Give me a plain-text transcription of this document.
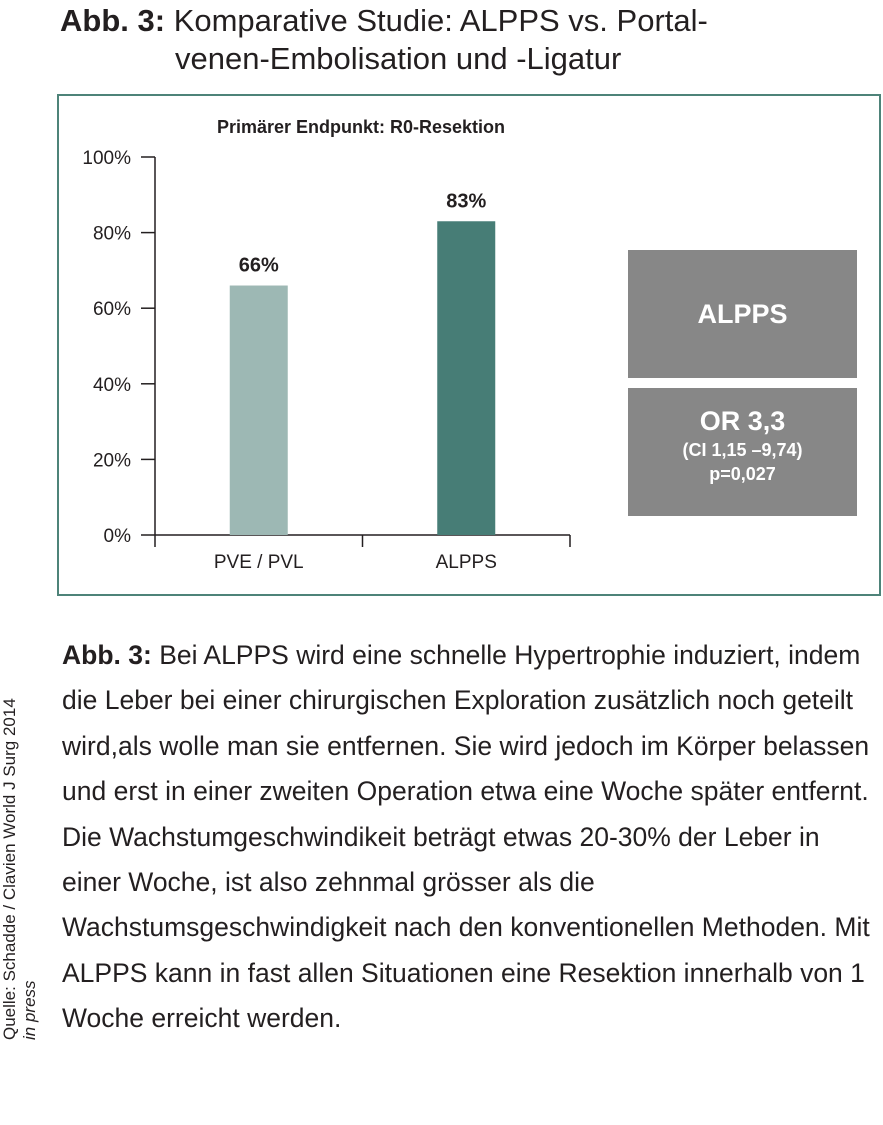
Abb. 3: Komparative Studie: ALPPS vs. Portal-
venen-Embolisation und -Ligatur
Primärer Endpunkt: R0-Resektion
0%
20%
40%
60%
80%
100%
PVE / PVL	ALPPS
66%
83%
ALPPS
OR 3,3
(CI 1,15 –9,74)
p=0,027
Quelle: Schadde / Clavien World J Surg 2014 in press
Abb. 3: Bei ALPPS wird eine schnelle Hypertrophie induziert, indem die Leber bei einer chirurgischen Exploration zusätzlich noch geteilt wird,als wolle man sie entfernen. Sie wird jedoch im Körper belassen und erst in einer zweiten Operation etwa eine Woche später entfernt. Die Wachstumgeschwindikeit beträgt etwas 20-30% der Leber in einer Woche, ist also zehnmal grösser als die Wachstumsgeschwindigkeit nach den konventionellen Methoden. Mit ALPPS kann in fast allen Situationen eine Resektion innerhalb von 1 Woche erreicht werden.
